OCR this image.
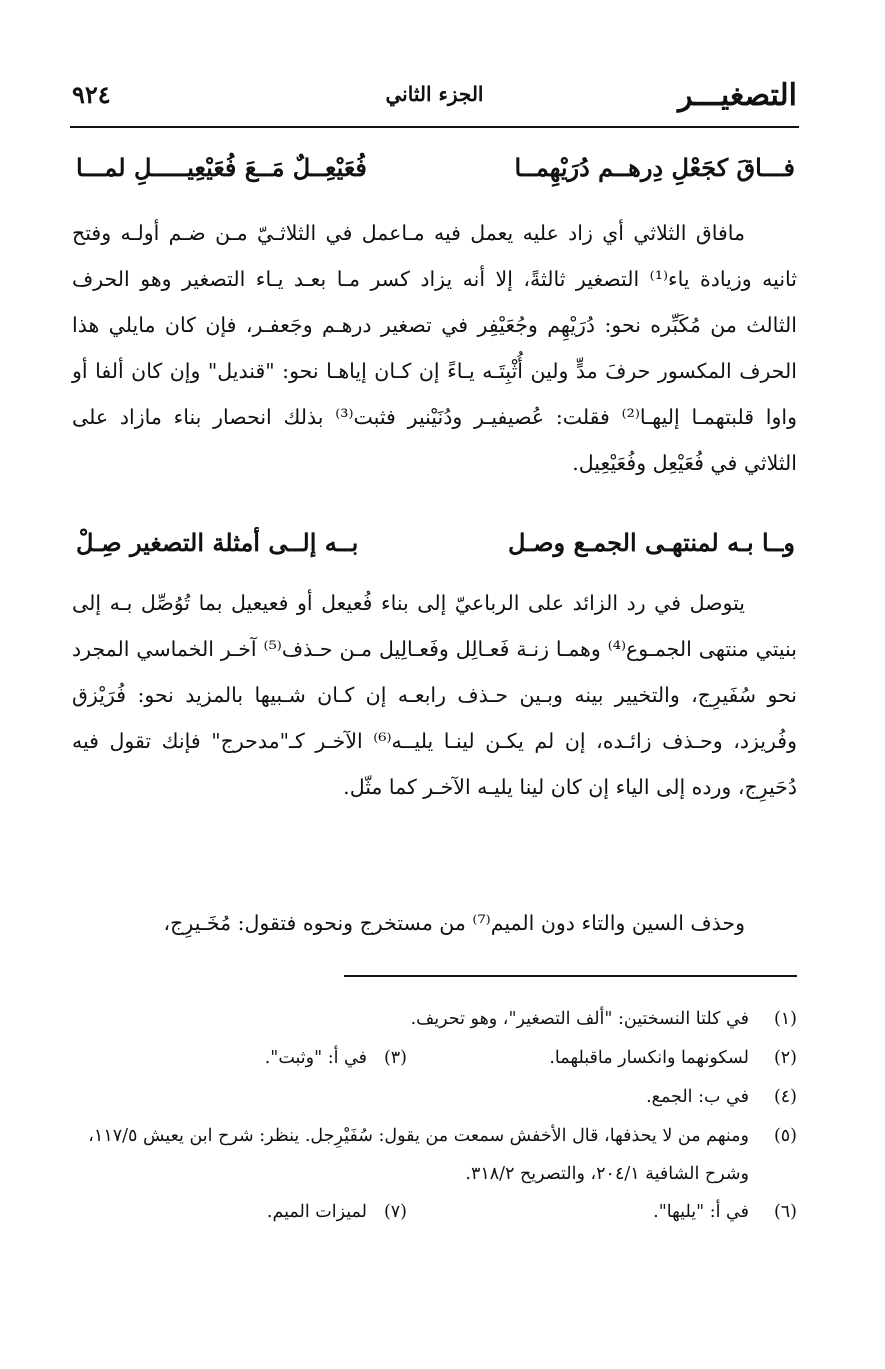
التصغيـــر
الجزء الثاني
٩٢٤
فـــاقَ كجَعْلِ دِرهــم دُرَيْهِمــا
فُعَيْعِــلٌ مَــعَ فُعَيْعِيـــــلِ لمـــا

مافاق الثلاثي أي زاد عليه يعمل فيه مـاعمل في الثلاثـيّ مـن ضـم أولـه وفتح ثانيه وزيادة ياء⁽¹⁾ التصغير ثالثةً، إلا أنه يزاد كسر مـا بعـد يـاء التصغير وهو الحرف الثالث من مُكَبِّره نحو: دُرَيْهِم وجُعَيْفِر في تصغير درهـم وجَعفـر، فإن كان مايلي هذا الحرف المكسور حرفَ مدٍّ ولين أُثْبِتَـه يـاءً إن كـان إياهـا نحو: "قنديل" وإن كان ألفا أو واوا قلبتهمـا إليهـا⁽²⁾ فقلت: عُصيفيـر ودُنَيْنير فثبت⁽³⁾ بذلك انحصار بناء مازاد على الثلاثي في فُعَيْعِل وفُعَيْعِيل.

وــا بـه لمنتهـى الجمـع وصـل
بــه إلــى أمثلة التصغير صِـلْ

يتوصل في رد الزائد على الرباعيّ إلى بناء فُعيعل أو فعيعيل بما تُوُصِّل بـه إلى بنيتي منتهى الجمـوع⁽⁴⁾ وهمـا زنـة فَعـالِل وفَعـالِيل مـن حـذف⁽⁵⁾ آخـر الخماسي المجرد نحو سُفَيرِج، والتخيير بينه وبـين حـذف رابعـه إن كـان شـبيها بالمزيد نحو: فُرَيْزق وفُريزد، وحـذف زائـده، إن لم يكـن لينـا يليــه⁽⁶⁾ الآخـر كـ"مدحرج" فإنك تقول فيه دُحَيرِج، ورده إلى الياء إن كان لينا يليـه الآخـر كما مثّل.

وحذف السين والتاء دون الميم⁽⁷⁾ من مستخرج ونحوه فتقول: مُخَـيرِج،

(١)
في كلتا النسختين: "ألف التصغير"، وهو تحريف.
(٢)
لسكونهما وانكسار ماقبلهما.
(٣)
في أ: "وثبت".
(٤)
في ب: الجمع.
(٥)
ومنهم من لا يحذفها، قال الأخفش سمعت من يقول: سُفَيْرِجل. ينظر: شرح ابن يعيش ١١٧/٥، وشرح الشافية ٢٠٤/١، والتصريح ٣١٨/٢.
(٦)
في أ: "يليها".
(٧)
لميزات الميم.
